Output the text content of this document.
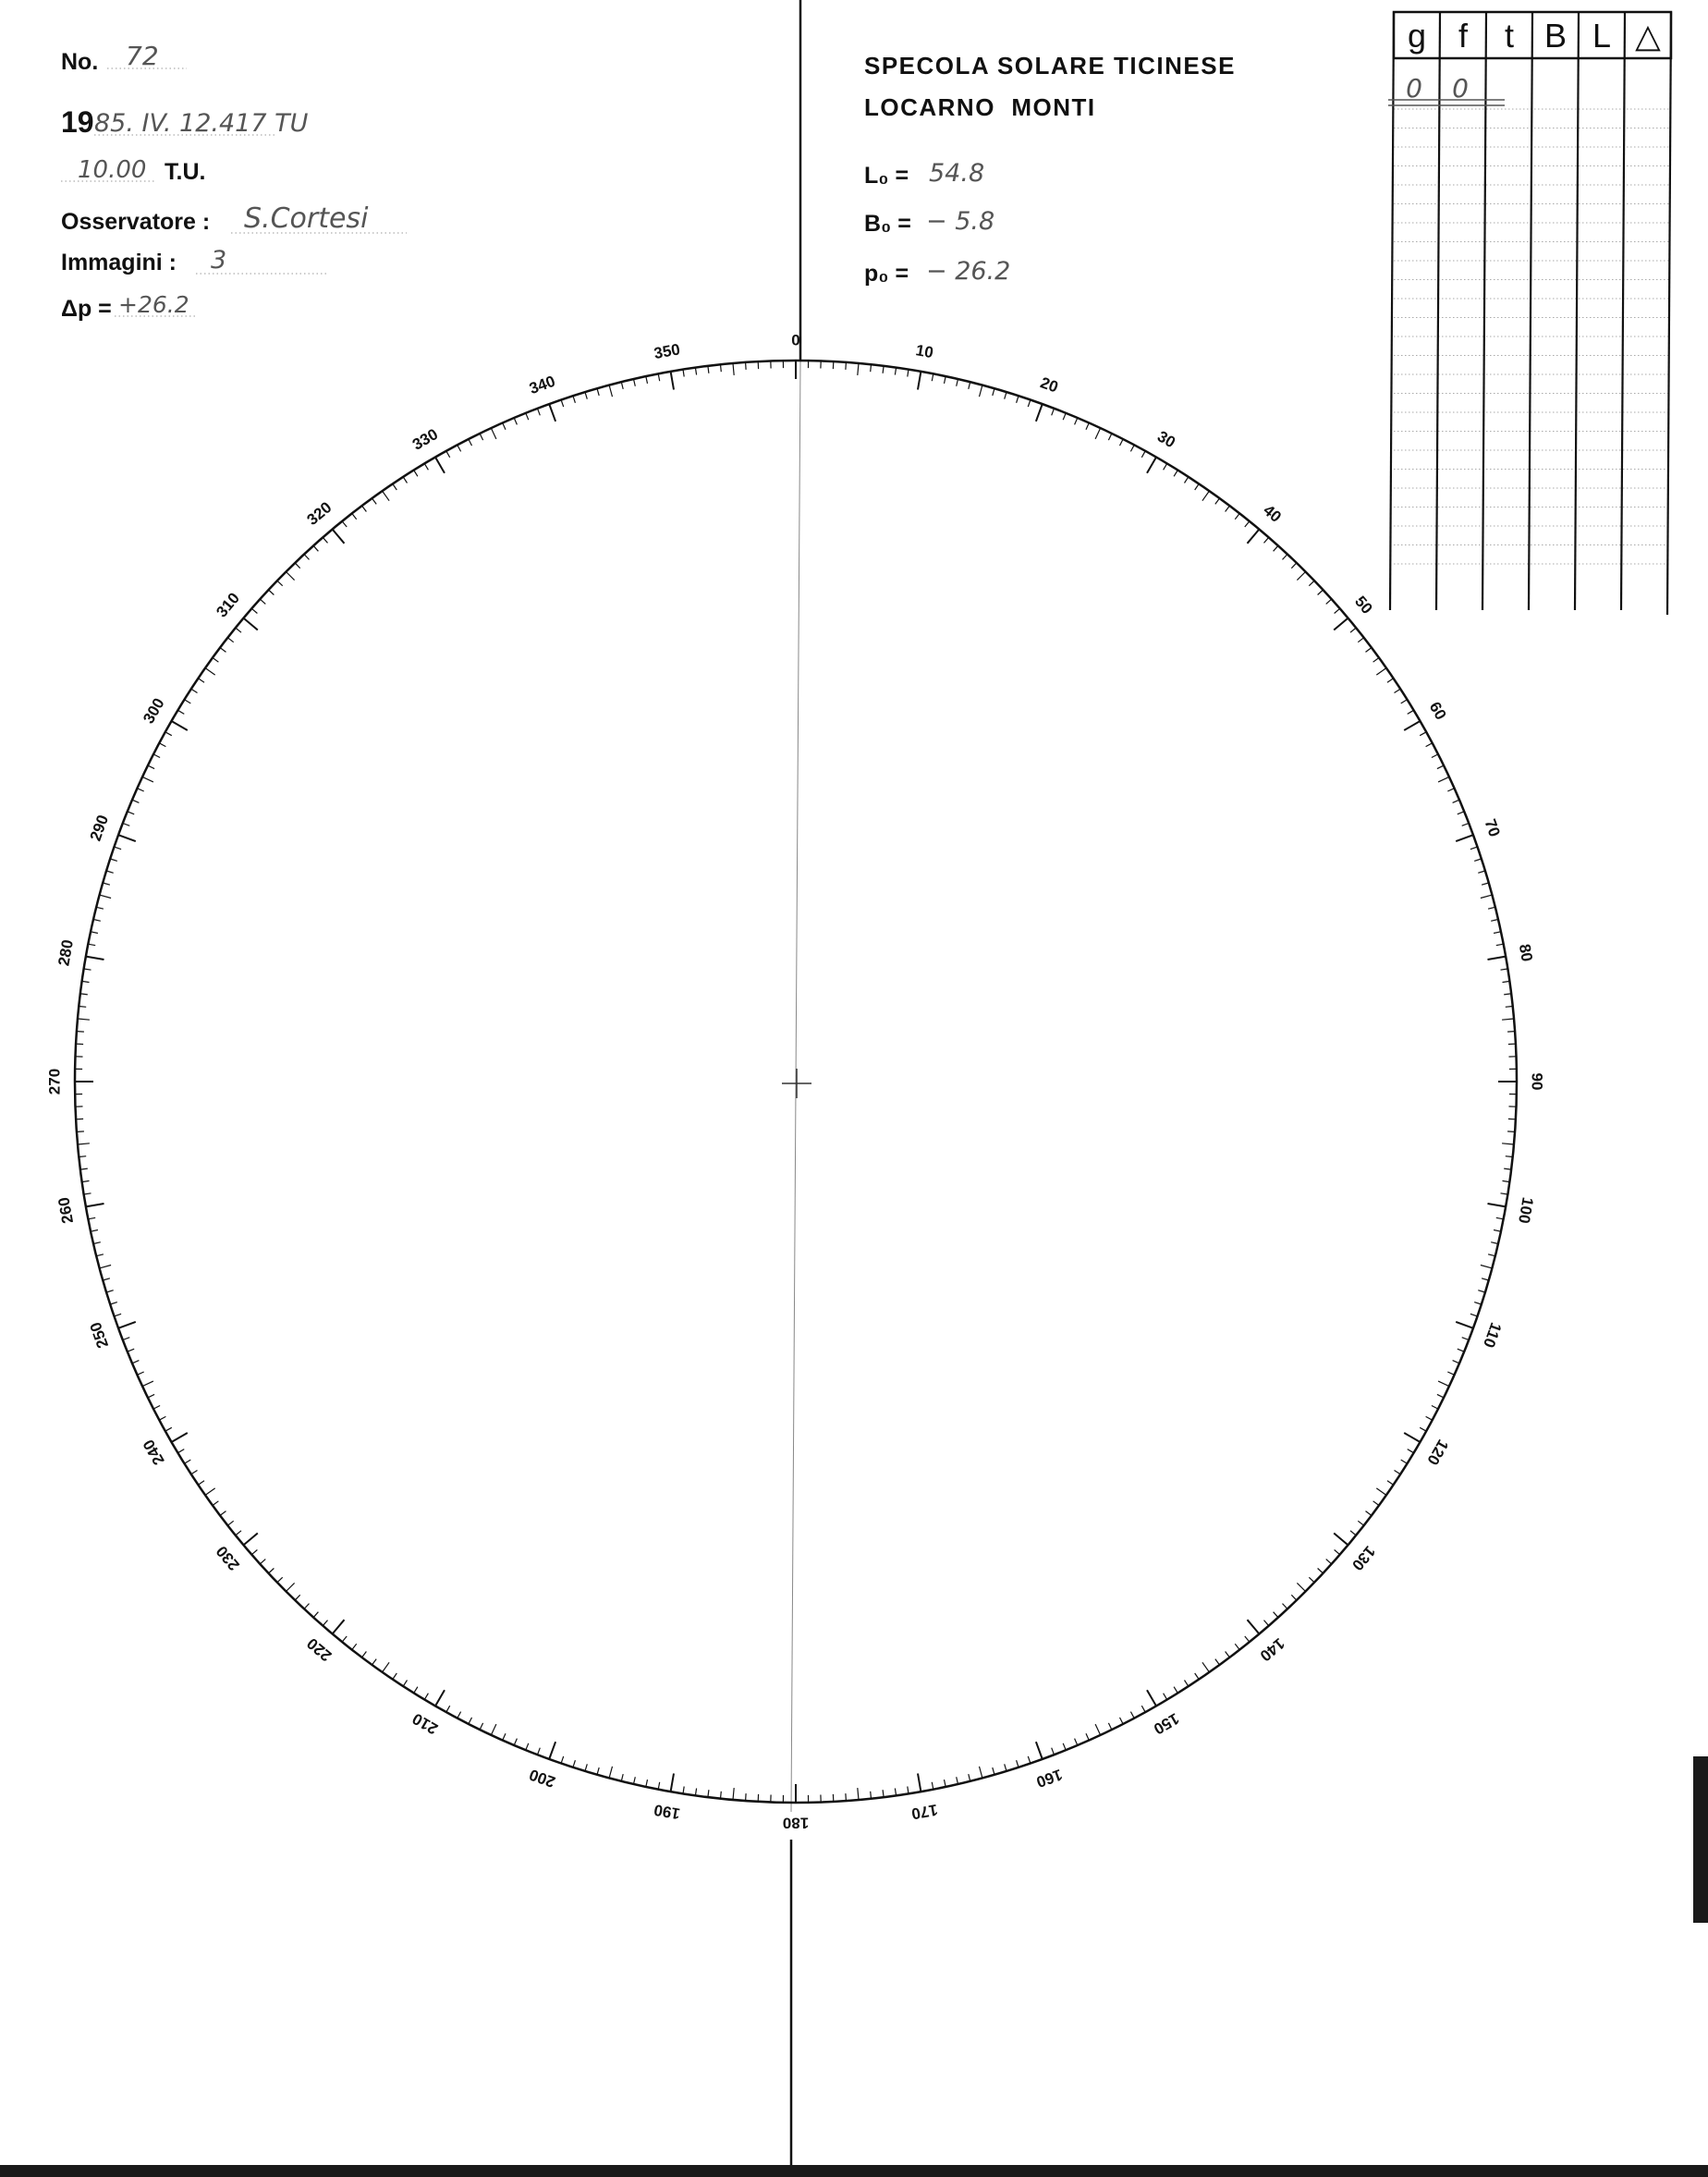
0
10
20
30
40
50
60
70
80
90
100
110
120
130
140
150
160
170
180
190
200
210
220
230
240
250
260
270
280
290
300
310
320
330
340
350
No. 72
19 85. IV. 12.417 TU
10.00 T.U.
Osservatore : S.Cortesi
Immagini : 3
Δp = +26.2
SPECOLA SOLARE TICINESE
LOCARNO  MONTI
L₀ = 54.8
B₀ = − 5.8
p₀ = − 26.2
g f t B L △
0 0
